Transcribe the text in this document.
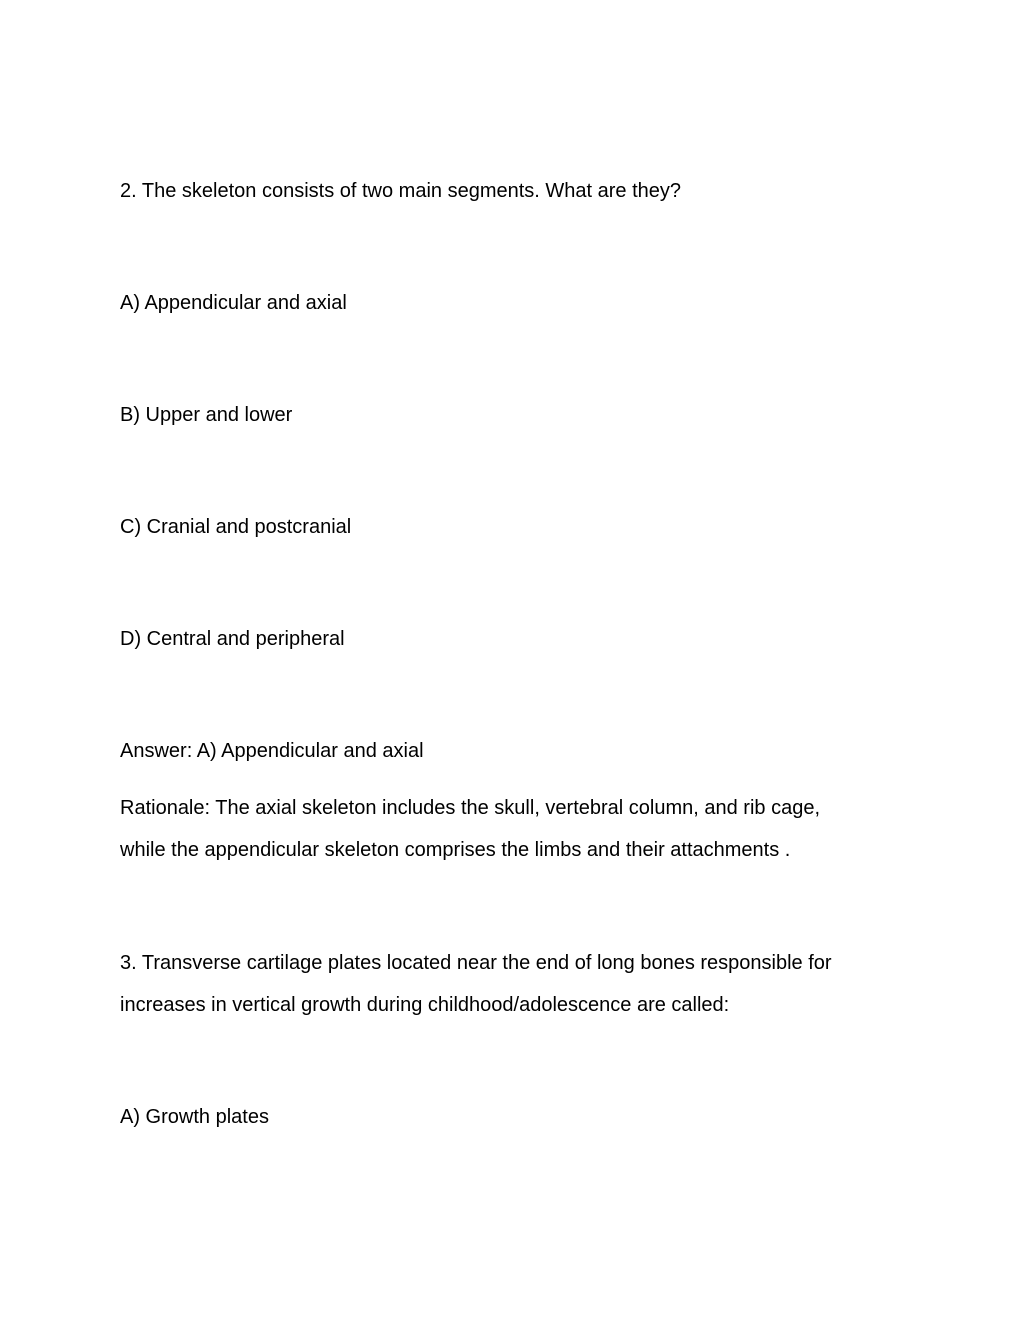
2. The skeleton consists of two main segments. What are they?
A) Appendicular and axial
B) Upper and lower
C) Cranial and postcranial
D) Central and peripheral
Answer: A) Appendicular and axial
Rationale: The axial skeleton includes the skull, vertebral column, and rib cage,
while the appendicular skeleton comprises the limbs and their attachments .
3. Transverse cartilage plates located near the end of long bones responsible for
increases in vertical growth during childhood/adolescence are called:
A) Growth plates
